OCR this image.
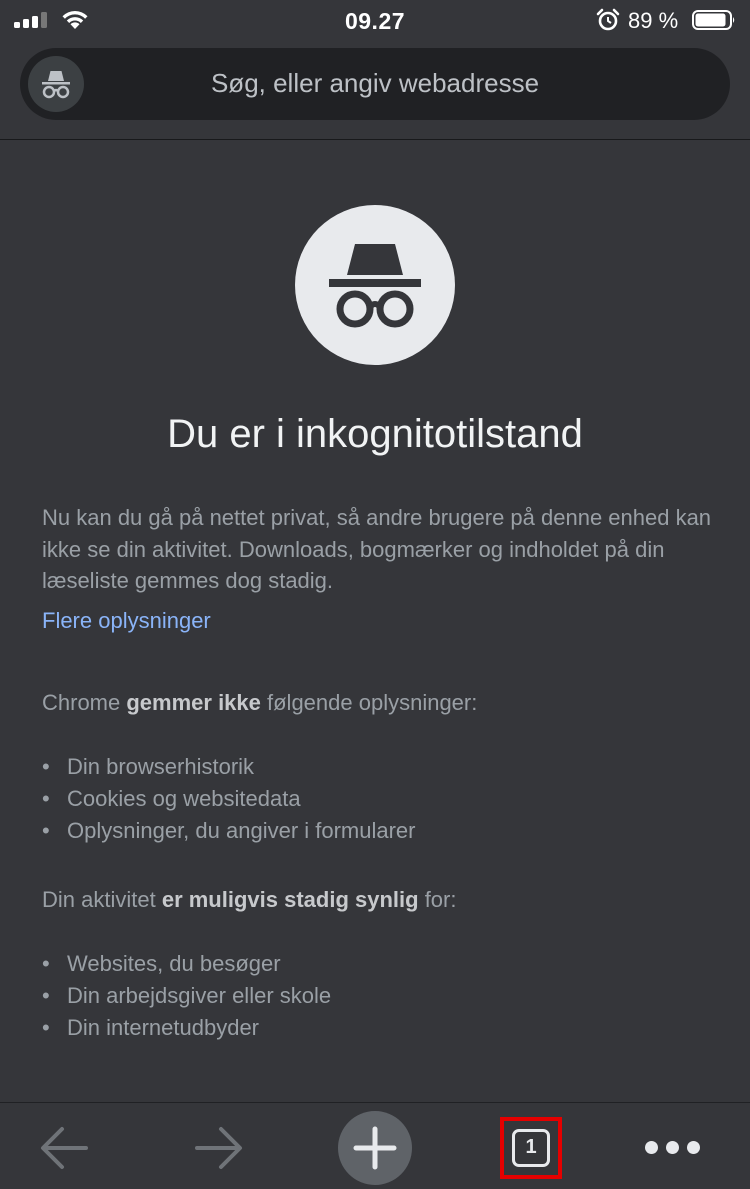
09.27	89 %
Søg, eller angiv webadresse
Du er i inkognitotilstand
Nu kan du gå på nettet privat, så andre brugere på denne enhed kan ikke se din aktivitet. Downloads, bogmærker og indholdet på din læseliste gemmes dog stadig.
Flere oplysninger
Chrome gemmer ikke følgende oplysninger:
• Din browserhistorik
• Cookies og websitedata
• Oplysninger, du angiver i formularer
Din aktivitet er muligvis stadig synlig for:
• Websites, du besøger
• Din arbejdsgiver eller skole
• Din internetudbyder
1
